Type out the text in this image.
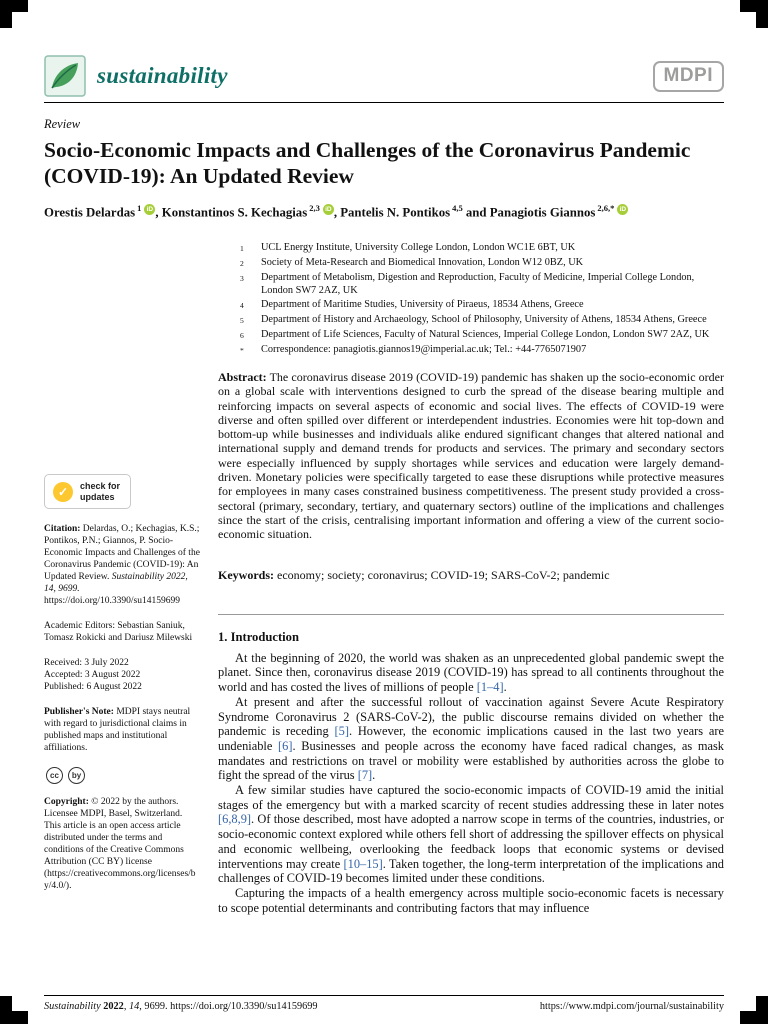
sustainability	MDPI
Review
Socio-Economic Impacts and Challenges of the Coronavirus Pandemic (COVID-19): An Updated Review
Orestis Delardas $^1$ iD , Konstantinos S. Kechagias $^{2,3}$ iD , Pantelis N. Pontikos $^{4,5}$ and Panagiotis Giannos $^{2,6,*}$ iD
1	UCL Energy Institute, University College London, London WC1E 6BT, UK
2	Society of Meta-Research and Biomedical Innovation, London W12 0BZ, UK
3	Department of Metabolism, Digestion and Reproduction, Faculty of Medicine, Imperial College London, London SW7 2AZ, UK
4	Department of Maritime Studies, University of Piraeus, 18534 Athens, Greece
5	Department of History and Archaeology, School of Philosophy, University of Athens, 18534 Athens, Greece
6	Department of Life Sciences, Faculty of Natural Sciences, Imperial College London, London SW7 2AZ, UK
*	Correspondence: panagiotis.giannos19@imperial.ac.uk; Tel.: +44-7765071907
Abstract: The coronavirus disease 2019 (COVID-19) pandemic has shaken up the socio-economic order on a global scale with interventions designed to curb the spread of the disease bearing multiple and reinforcing impacts on several aspects of economic and social lives. The effects of COVID-19 were diverse and often spilled over different or interdependent industries. Economies were hit top-down and bottom-up while businesses and individuals alike endured significant changes that altered national and international supply and demand trends for products and services. The primary and secondary sectors were especially influenced by supply shortages while services and education were largely demand-driven. Monetary policies were specifically targeted to ease these disruptions while protective measures for employees in many cases constrained business competitiveness. The present study provided a cross-sectoral (primary, secondary, tertiary, and quaternary sectors) outline of the implications and challenges since the start of the crisis, centralising important information and offering a view of the current socio-economic situation.
Keywords: economy; society; coronavirus; COVID-19; SARS-CoV-2; pandemic
✓ check for
updates
Citation: Delardas, O.; Kechagias, K.S.; Pontikos, P.N.; Giannos, P. Socio-Economic Impacts and Challenges of the Coronavirus Pandemic (COVID-19): An Updated Review. Sustainability 2022, 14, 9699. https://doi.org/10.3390/su14159699
Academic Editors: Sebastian Saniuk, Tomasz Rokicki and Dariusz Milewski
Received: 3 July 2022
Accepted: 3 August 2022
Published: 6 August 2022
Publisher's Note: MDPI stays neutral with regard to jurisdictional claims in published maps and institutional affiliations.
cc	by
Copyright: © 2022 by the authors. Licensee MDPI, Basel, Switzerland. This article is an open access article distributed under the terms and conditions of the Creative Commons Attribution (CC BY) license (https://creativecommons.org/licenses/by/4.0/).
1. Introduction

At the beginning of 2020, the world was shaken as an unprecedented global pandemic swept the planet. Since then, coronavirus disease 2019 (COVID-19) has spread to all continents throughout the world and has costed the lives of millions of people [1–4].

At present and after the successful rollout of vaccination against Severe Acute Respiratory Syndrome Coronavirus 2 (SARS-CoV-2), the public discourse remains divided on whether the pandemic is receding [5]. However, the economic implications caused in the last two years are undeniable [6]. Businesses and people across the economy have faced radical changes, as mask mandates and restrictions on travel or mobility were established by authorities across the globe to fight the spread of the virus [7].

A few similar studies have captured the socio-economic impacts of COVID-19 amid the initial stages of the emergency but with a marked scarcity of recent studies addressing these in later notes [6,8,9]. Of those described, most have adopted a narrow scope in terms of the countries, industries, or socio-economic context explored while others fell short of addressing the spillover effects on physical and economic wellbeing, overlooking the feedback loops that economic systems or devised interventions may create [10–15]. Taken together, the long-term interpretation of the implications and challenges of COVID-19 becomes limited under these conditions.

Capturing the impacts of a health emergency across multiple socio-economic facets is necessary to scope potential determinants and contributing factors that may influence

Sustainability 2022, 14, 9699. https://doi.org/10.3390/su14159699	https://www.mdpi.com/journal/sustainability
